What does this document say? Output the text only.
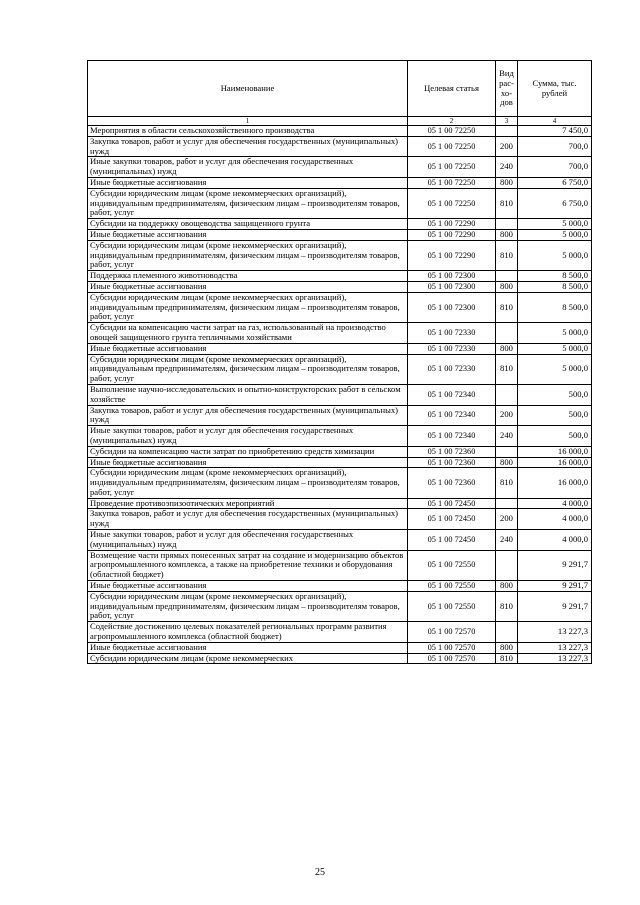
Наименование	Целевая статья	Вид рас-хо-дов	Сумма, тыс. рублей
1	2	3	4
Мероприятия в области сельскохозяйственного производства	05 1 00 72250		7 450,0
Закупка товаров, работ и услуг для обеспечения государственных (муниципальных) нужд	05 1 00 72250	200	700,0
Иные закупки товаров, работ и услуг для обеспечения государственных (муниципальных) нужд	05 1 00 72250	240	700,0
Иные бюджетные ассигнования	05 1 00 72250	800	6 750,0
Субсидии юридическим лицам (кроме некоммерческих организаций), индивидуальным предпринимателям, физическим лицам – производителям товаров, работ, услуг	05 1 00 72250	810	6 750,0
Субсидии на поддержку овощеводства защищенного грунта	05 1 00 72290		5 000,0
Иные бюджетные ассигнования	05 1 00 72290	800	5 000,0
Субсидии юридическим лицам (кроме некоммерческих организаций), индивидуальным предпринимателям, физическим лицам – производителям товаров, работ, услуг	05 1 00 72290	810	5 000,0
Поддержка племенного животноводства	05 1 00 72300		8 500,0
Иные бюджетные ассигнования	05 1 00 72300	800	8 500,0
Субсидии юридическим лицам (кроме некоммерческих организаций), индивидуальным предпринимателям, физическим лицам – производителям товаров, работ, услуг	05 1 00 72300	810	8 500,0
Субсидии на компенсацию части затрат на газ, использованный на производство овощей защищенного грунта тепличными хозяйствами	05 1 00 72330		5 000,0
Иные бюджетные ассигнования	05 1 00 72330	800	5 000,0
Субсидии юридическим лицам (кроме некоммерческих организаций), индивидуальным предпринимателям, физическим лицам – производителям товаров, работ, услуг	05 1 00 72330	810	5 000,0
Выполнение научно-исследовательских и опытно-конструкторских работ в сельском хозяйстве	05 1 00 72340		500,0
Закупка товаров, работ и услуг для обеспечения государственных (муниципальных) нужд	05 1 00 72340	200	500,0
Иные закупки товаров, работ и услуг для обеспечения государственных (муниципальных) нужд	05 1 00 72340	240	500,0
Субсидии на компенсацию части затрат по приобретению средств химизации	05 1 00 72360		16 000,0
Иные бюджетные ассигнования	05 1 00 72360	800	16 000,0
Субсидии юридическим лицам (кроме некоммерческих организаций), индивидуальным предпринимателям, физическим лицам – производителям товаров, работ, услуг	05 1 00 72360	810	16 000,0
Проведение противоэпизоотических мероприятий	05 1 00 72450		4 000,0
Закупка товаров, работ и услуг для обеспечения государственных (муниципальных) нужд	05 1 00 72450	200	4 000,0
Иные закупки товаров, работ и услуг для обеспечения государственных (муниципальных) нужд	05 1 00 72450	240	4 000,0
Возмещение части прямых понесенных затрат на создание и модернизацию объектов агропромышленного комплекса, а также на приобретение техники и оборудования (областной бюджет)	05 1 00 72550		9 291,7
Иные бюджетные ассигнования	05 1 00 72550	800	9 291,7
Субсидии юридическим лицам (кроме некоммерческих организаций), индивидуальным предпринимателям, физическим лицам – производителям товаров, работ, услуг	05 1 00 72550	810	9 291,7
Содействие достижению целевых показателей региональных программ развития агропромышленного комплекса (областной бюджет)	05 1 00 72570		13 227,3
Иные бюджетные ассигнования	05 1 00 72570	800	13 227,3
Субсидии юридическим лицам (кроме некоммерческих	05 1 00 72570	810	13 227,3
25
